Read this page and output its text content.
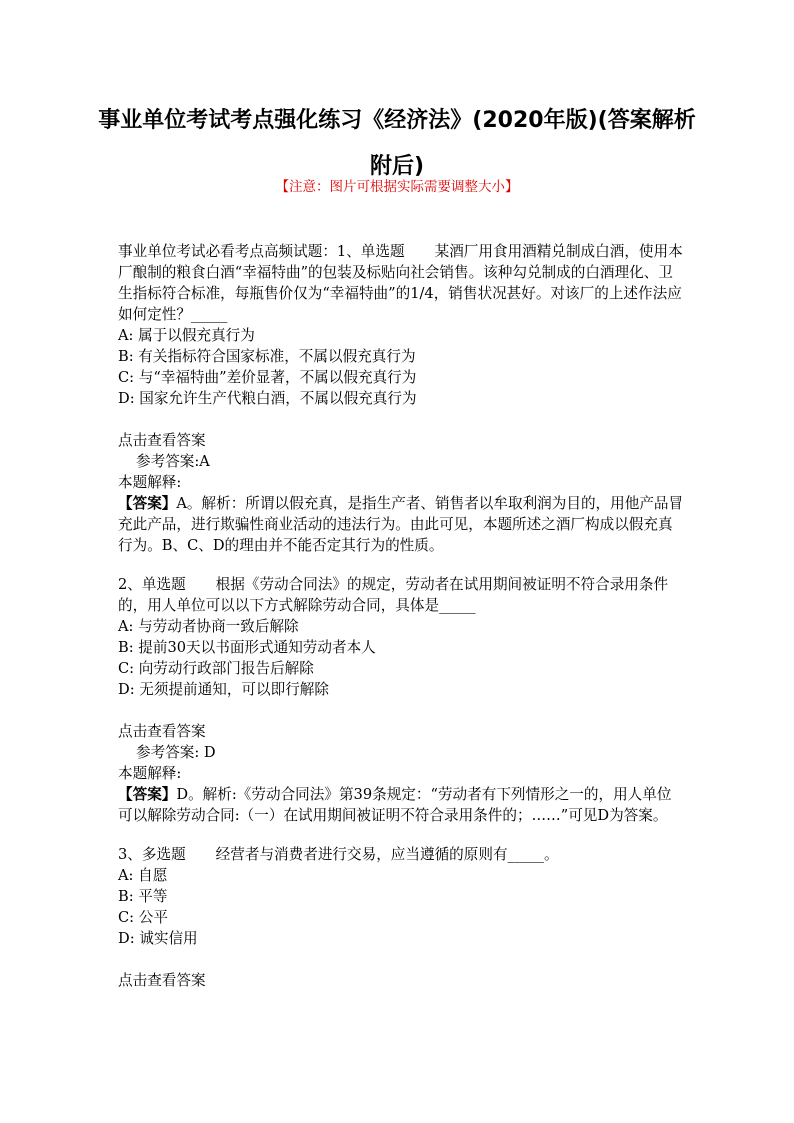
事业单位考试考点强化练习《经济法》(2020年版)(答案解析附后)
【注意：图片可根据实际需要调整大小】

事业单位考试必看考点高频试题：1、单选题 某酒厂用食用酒精兑制成白酒，使用本厂酿制的粮食白酒“幸福特曲”的包装及标贴向社会销售。该种勾兑制成的白酒理化、卫生指标符合标准，每瓶售价仅为“幸福特曲”的1/4，销售状况甚好。对该厂的上述作法应如何定性？_____

A: 属于以假充真行为

B: 有关指标符合国家标准，不属以假充真行为

C: 与“幸福特曲”差价显著，不属以假充真行为

D: 国家允许生产代粮白酒，不属以假充真行为

点击查看答案

参考答案:A

本题解释:

【答案】A。解析：所谓以假充真，是指生产者、销售者以牟取利润为目的，用他产品冒充此产品，进行欺骗性商业活动的违法行为。由此可见，本题所述之酒厂构成以假充真行为。B、C、D的理由并不能否定其行为的性质。

2、单选题 根据《劳动合同法》的规定，劳动者在试用期间被证明不符合录用条件的，用人单位可以以下方式解除劳动合同，具体是_____

A: 与劳动者协商一致后解除

B: 提前30天以书面形式通知劳动者本人

C: 向劳动行政部门报告后解除

D: 无须提前通知，可以即行解除

点击查看答案

参考答案: D

本题解释:

【答案】D。解析:《劳动合同法》第39条规定：“劳动者有下列情形之一的，用人单位可以解除劳动合同:（一）在试用期间被证明不符合录用条件的；……”可见D为答案。

3、多选题 经营者与消费者进行交易，应当遵循的原则有_____。

A: 自愿

B: 平等

C: 公平

D: 诚实信用

点击查看答案
